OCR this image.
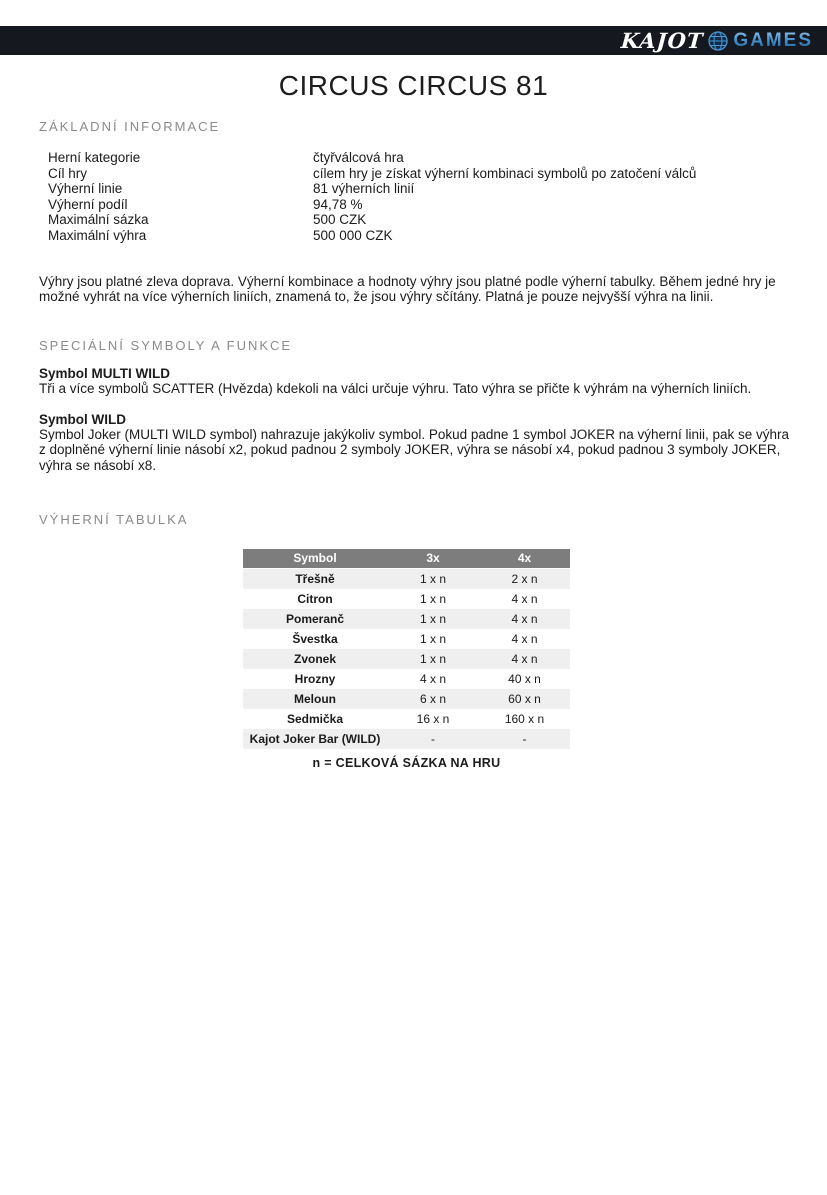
KAJOT GAMES
CIRCUS CIRCUS 81
ZÁKLADNÍ INFORMACE
Herní kategorie	čtyřválcová hra
Cíl hry	cílem hry je získat výherní kombinaci symbolů po zatočení válců
Výherní linie	81 výherních linií
Výherní podíl	94,78 %
Maximální sázka	500 CZK
Maximální výhra	500 000 CZK

Výhry jsou platné zleva doprava. Výherní kombinace a hodnoty výhry jsou platné podle výherní tabulky. Během jedné hry je možné vyhrát na více výherních liniích, znamená to, že jsou výhry sčítány. Platná je pouze nejvyšší výhra na linii.

SPECIÁLNÍ SYMBOLY A FUNKCE
Symbol MULTI WILD

Tři a více symbolů SCATTER (Hvězda) kdekoli na válci určuje výhru. Tato výhra se přičte k výhrám na výherních liniích.

Symbol WILD

Symbol Joker (MULTI WILD symbol) nahrazuje jakýkoliv symbol. Pokud padne 1 symbol JOKER na výherní linii, pak se výhra z doplněné výherní linie násobí x2, pokud padnou 2 symboly JOKER, výhra se násobí x4, pokud padnou 3 symboly JOKER, výhra se násobí x8.

VÝHERNÍ TABULKA
Symbol	3x	4x
Třešně	1 x n	2 x n
Citron	1 x n	4 x n
Pomeranč	1 x n	4 x n
Švestka	1 x n	4 x n
Zvonek	1 x n	4 x n
Hrozny	4 x n	40 x n
Meloun	6 x n	60 x n
Sedmička	16 x n	160 x n
Kajot Joker Bar (WILD)	-	-
n = CELKOVÁ SÁZKA NA HRU
